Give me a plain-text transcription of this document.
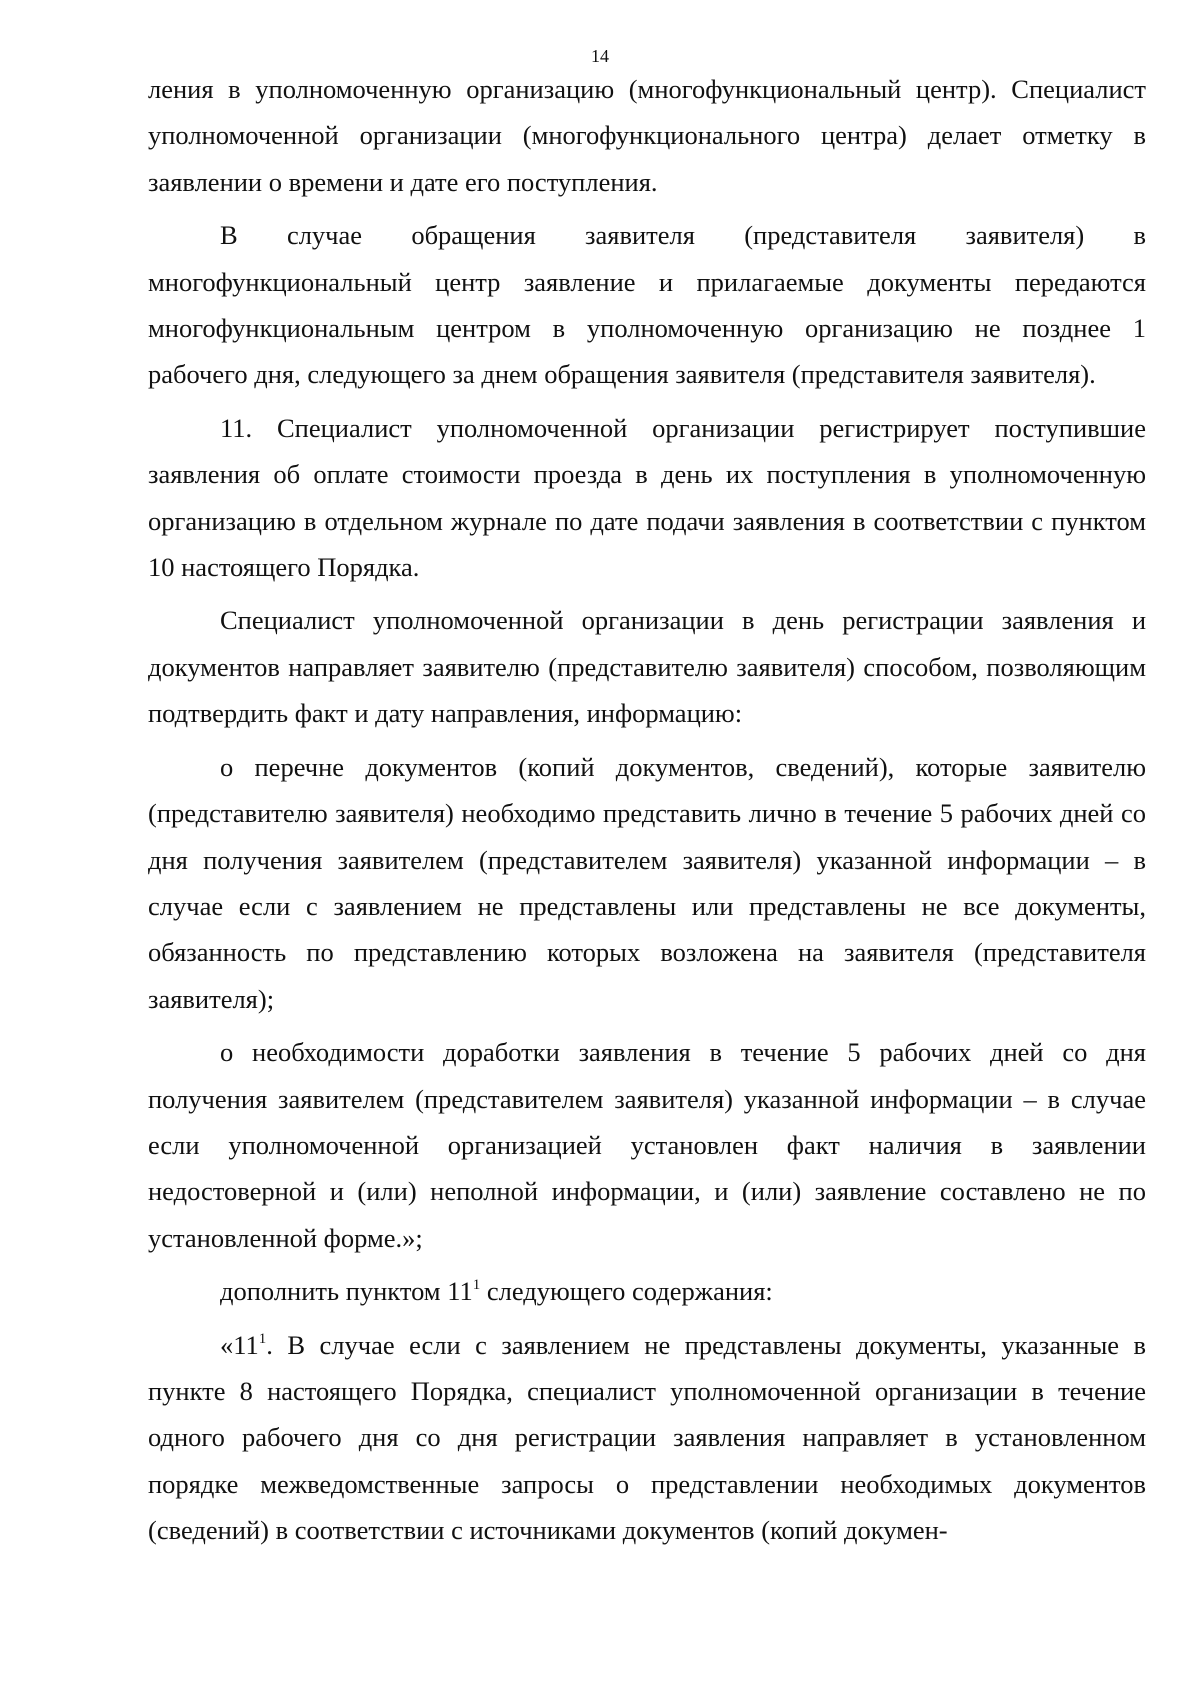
14

ления в уполномоченную организацию (многофункциональный центр). Специалист уполномоченной организации (многофункционального центра) делает отметку в заявлении о времени и дате его поступления.

В случае обращения заявителя (представителя заявителя) в многофункциональный центр заявление и прилагаемые документы передаются многофункциональным центром в уполномоченную организацию не позднее 1 рабочего дня, следующего за днем обращения заявителя (представителя заявителя).

11. Специалист уполномоченной организации регистрирует поступившие заявления об оплате стоимости проезда в день их поступления в уполномоченную организацию в отдельном журнале по дате подачи заявления в соответствии с пунктом 10 настоящего Порядка.

Специалист уполномоченной организации в день регистрации заявления и документов направляет заявителю (представителю заявителя) способом, позволяющим подтвердить факт и дату направления, информацию:

о перечне документов (копий документов, сведений), которые заявителю (представителю заявителя) необходимо представить лично в течение 5 рабочих дней со дня получения заявителем (представителем заявителя) указанной информации – в случае если с заявлением не представлены или представлены не все документы, обязанность по представлению которых возложена на заявителя (представителя заявителя);

о необходимости доработки заявления в течение 5 рабочих дней со дня получения заявителем (представителем заявителя) указанной информации – в случае если уполномоченной организацией установлен факт наличия в заявлении недостоверной и (или) неполной информации, и (или) заявление составлено не по установленной форме.»;

дополнить пунктом $11^1$ следующего содержания:

«$11^1$. В случае если с заявлением не представлены документы, указанные в пункте 8 настоящего Порядка, специалист уполномоченной организации в течение одного рабочего дня со дня регистрации заявления направляет в установленном порядке межведомственные запросы о представлении необходимых документов (сведений) в соответствии с источниками документов (копий докумен-
